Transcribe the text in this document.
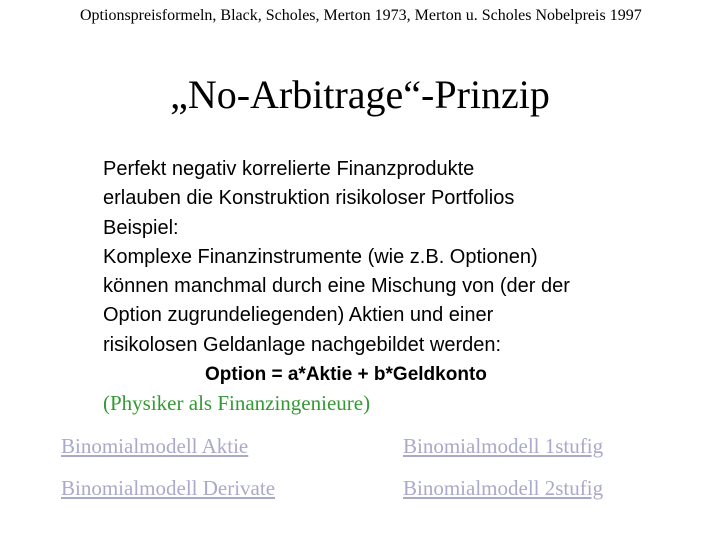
Optionspreisformeln, Black, Scholes, Merton 1973, Merton u. Scholes Nobelpreis 1997
„No-Arbitrage“-Prinzip
Perfekt negativ korrelierte Finanzprodukte
erlauben die Konstruktion risikoloser Portfolios
Beispiel:
Komplexe Finanzinstrumente (wie z.B. Optionen)
können manchmal durch eine Mischung von (der der
Option zugrundeliegenden) Aktien und einer
risikolosen Geldanlage nachgebildet werden:
Option = a*Aktie + b*Geldkonto
(Physiker als Finanzingenieure)
Binomialmodell Aktie	Binomialmodell 1stufig
Binomialmodell Derivate	Binomialmodell 2stufig
